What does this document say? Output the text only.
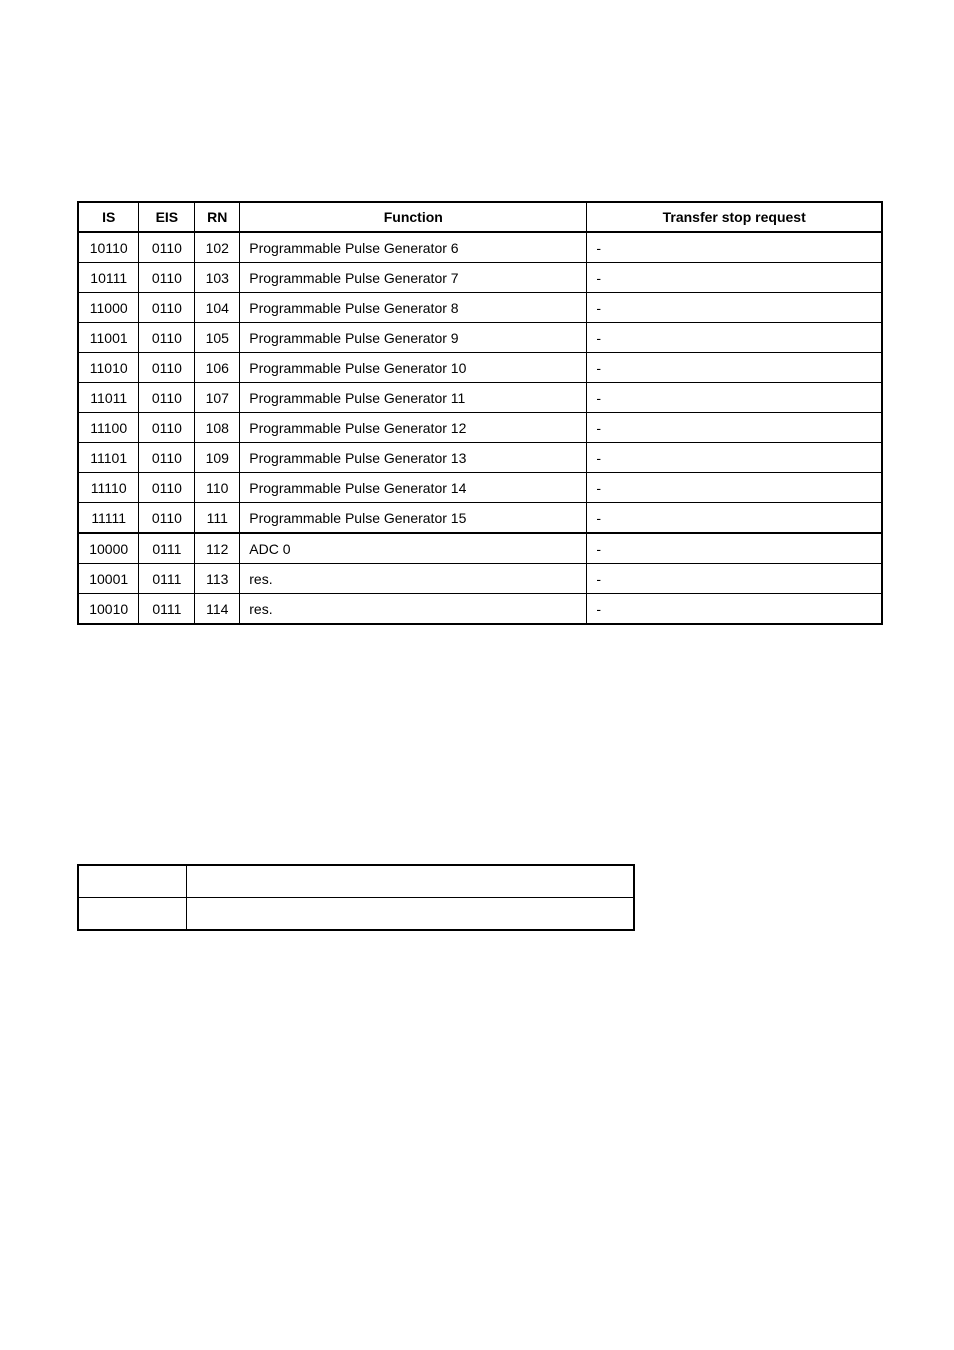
IS	EIS	RN	Function	Transfer stop request
10110	0110	102	Programmable Pulse Generator 6	-
10111	0110	103	Programmable Pulse Generator 7	-
11000	0110	104	Programmable Pulse Generator 8	-
11001	0110	105	Programmable Pulse Generator 9	-
11010	0110	106	Programmable Pulse Generator 10	-
11011	0110	107	Programmable Pulse Generator 11	-
11100	0110	108	Programmable Pulse Generator 12	-
11101	0110	109	Programmable Pulse Generator 13	-
11110	0110	110	Programmable Pulse Generator 14	-
11111	0110	111	Programmable Pulse Generator 15	-
10000	0111	112	ADC 0	-
10001	0111	113	res.	-
10010	0111	114	res.	-
